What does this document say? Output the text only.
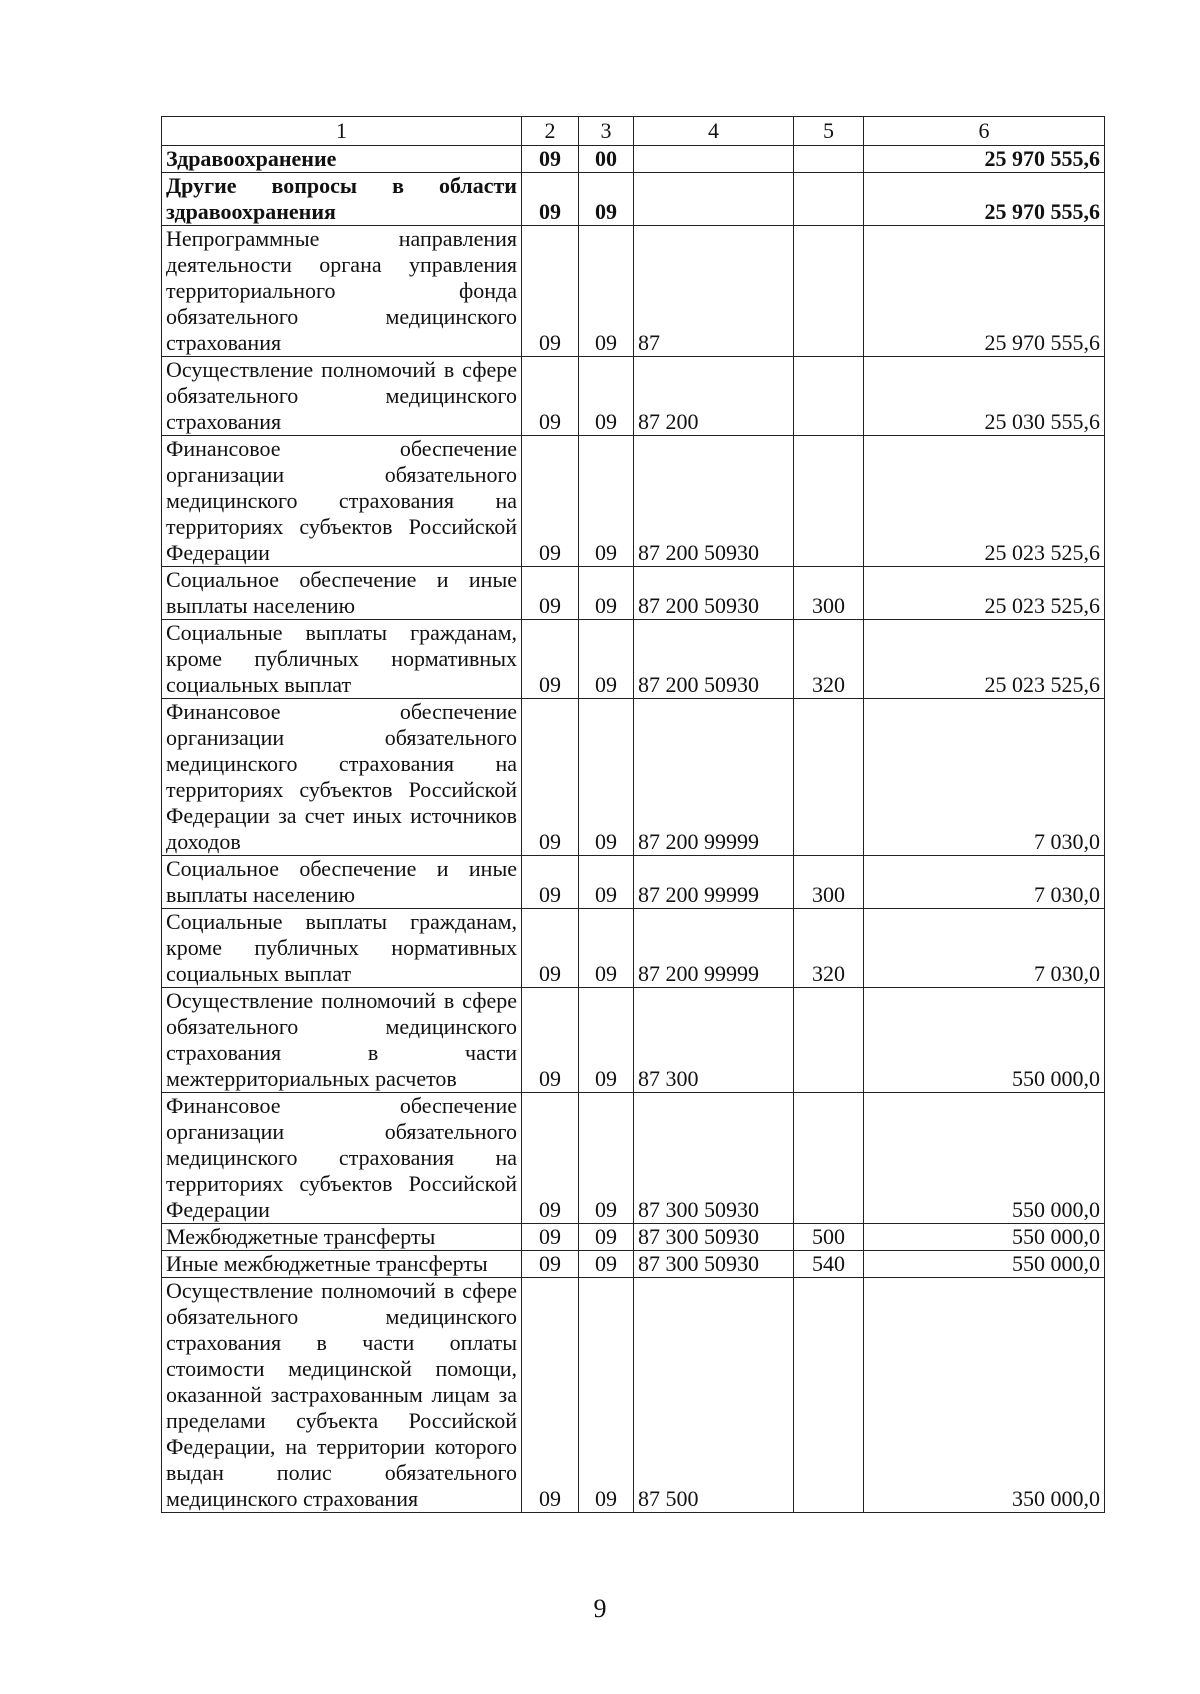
1	2	3	4	5	6
Здравоохранение	09	00			25 970 555,6
Другие вопросы в области здравоохранения	09	09			25 970 555,6
Непрограммные направления деятельности органа управления территориального фонда обязательного медицинского страхования	09	09	87		25 970 555,6
Осуществление полномочий в сфере обязательного медицинского страхования	09	09	87 200		25 030 555,6
Финансовое обеспечение организации обязательного медицинского страхования на территориях субъектов Российской Федерации	09	09	87 200 50930		25 023 525,6
Социальное обеспечение и иные выплаты населению	09	09	87 200 50930	300	25 023 525,6
Социальные выплаты гражданам, кроме публичных нормативных социальных выплат	09	09	87 200 50930	320	25 023 525,6
Финансовое обеспечение организации обязательного медицинского страхования на территориях субъектов Российской Федерации за счет иных источников доходов	09	09	87 200 99999		7 030,0
Социальное обеспечение и иные выплаты населению	09	09	87 200 99999	300	7 030,0
Социальные выплаты гражданам, кроме публичных нормативных социальных выплат	09	09	87 200 99999	320	7 030,0
Осуществление полномочий в сфере обязательного медицинского страхования в части межтерриториальных расчетов	09	09	87 300		550 000,0
Финансовое обеспечение организации обязательного медицинского страхования на территориях субъектов Российской Федерации	09	09	87 300 50930		550 000,0
Межбюджетные трансферты	09	09	87 300 50930	500	550 000,0
Иные межбюджетные трансферты	09	09	87 300 50930	540	550 000,0
Осуществление полномочий в сфере обязательного медицинского страхования в части оплаты стоимости медицинской помощи, оказанной застрахованным лицам за пределами субъекта Российской Федерации, на территории которого выдан полис обязательного медицинского страхования	09	09	87 500		350 000,0
9
